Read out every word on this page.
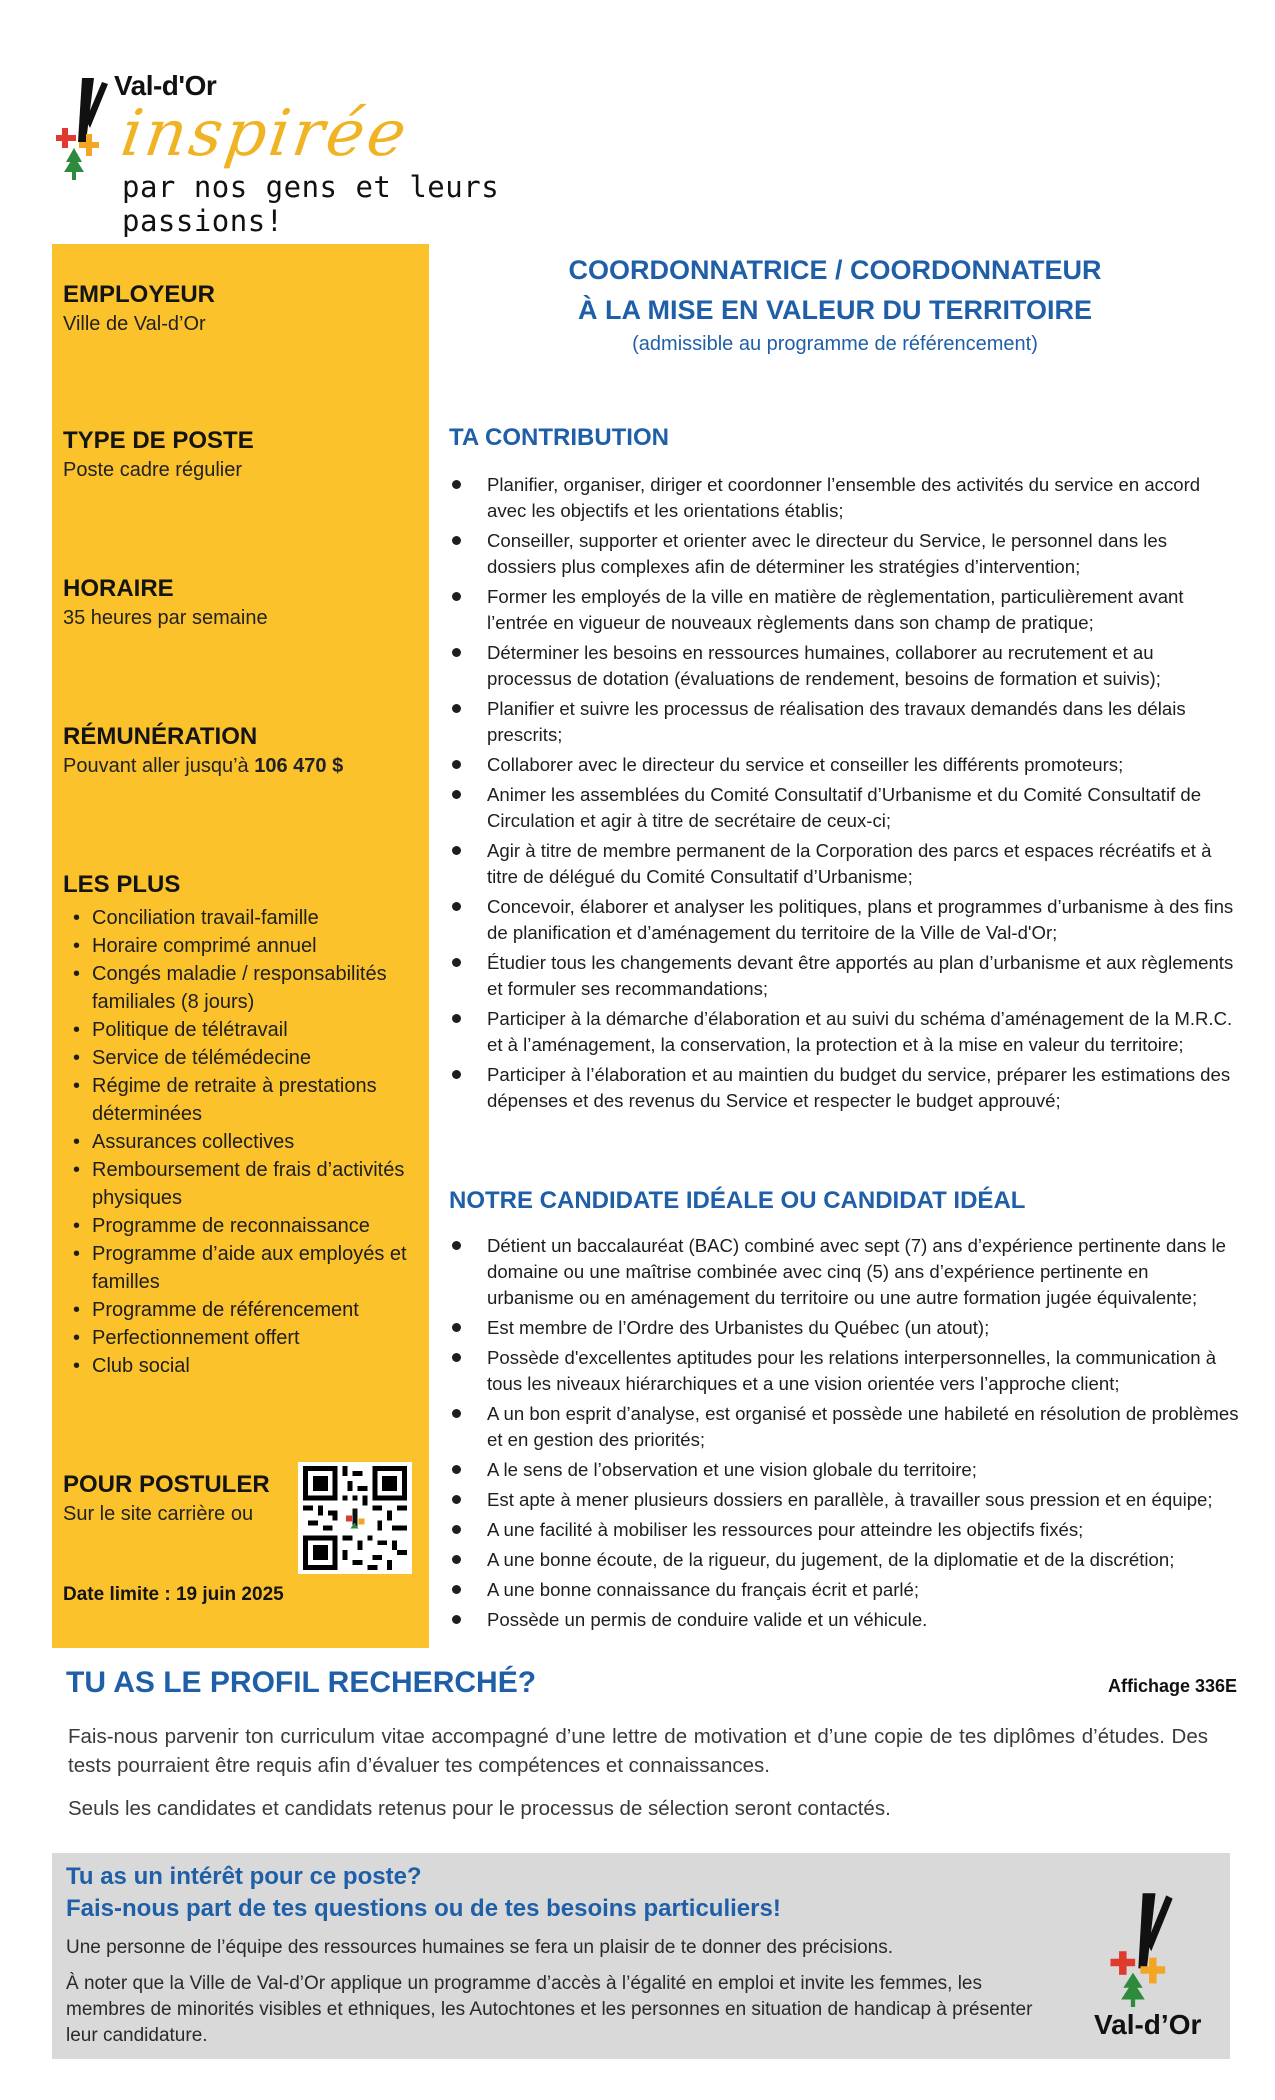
Val-d'Or
inspirée
par nos gens et leurs passions!
EMPLOYEUR
Ville de Val-d’Or
TYPE DE POSTE
Poste cadre régulier
HORAIRE
35 heures par semaine
RÉMUNÉRATION
Pouvant aller jusqu’à 106 470 $
LES PLUS
• Conciliation travail-famille
• Horaire comprimé annuel
• Congés maladie / responsabilités familiales (8 jours)
• Politique de télétravail
• Service de télémédecine
• Régime de retraite à prestations déterminées
• Assurances collectives
• Remboursement de frais d’activités physiques
• Programme de reconnaissance
• Programme d’aide aux employés et familles
• Programme de référencement
• Perfectionnement offert
• Club social
POUR POSTULER
Sur le site carrière ou
Date limite : 19 juin 2025
COORDONNATRICE / COORDONNATEUR
À LA MISE EN VALEUR DU TERRITOIRE
(admissible au programme de référencement)
TA CONTRIBUTION
Planifier, organiser, diriger et coordonner l’ensemble des activités du service en accord avec les objectifs et les orientations établis;
Conseiller, supporter et orienter avec le directeur du Service, le personnel dans les dossiers plus complexes afin de déterminer les stratégies d’intervention;
Former les employés de la ville en matière de règlementation, particulièrement avant l’entrée en vigueur de nouveaux règlements dans son champ de pratique;
Déterminer les besoins en ressources humaines, collaborer au recrutement et au processus de dotation (évaluations de rendement, besoins de formation et suivis);
Planifier et suivre les processus de réalisation des travaux demandés dans les délais prescrits;
Collaborer avec le directeur du service et conseiller les différents promoteurs;
Animer les assemblées du Comité Consultatif d’Urbanisme et du Comité Consultatif de Circulation et agir à titre de secrétaire de ceux-ci;
Agir à titre de membre permanent de la Corporation des parcs et espaces récréatifs et à titre de délégué du Comité Consultatif d’Urbanisme;
Concevoir, élaborer et analyser les politiques, plans et programmes d’urbanisme à des fins de planification et d’aménagement du territoire de la Ville de Val-d'Or;
Étudier tous les changements devant être apportés au plan d’urbanisme et aux règlements et formuler ses recommandations;
Participer à la démarche d’élaboration et au suivi du schéma d’aménagement de la M.R.C. et à l’aménagement, la conservation, la protection et à la mise en valeur du territoire;
Participer à l’élaboration et au maintien du budget du service, préparer les estimations des dépenses et des revenus du Service et respecter le budget approuvé;
NOTRE CANDIDATE IDÉALE OU CANDIDAT IDÉAL
Détient un baccalauréat (BAC) combiné avec sept (7) ans d’expérience pertinente dans le domaine ou une maîtrise combinée avec cinq (5) ans d’expérience pertinente en urbanisme ou en aménagement du territoire ou une autre formation jugée équivalente;
Est membre de l’Ordre des Urbanistes du Québec (un atout);
Possède d'excellentes aptitudes pour les relations interpersonnelles, la communication à tous les niveaux hiérarchiques et a une vision orientée vers l’approche client;
A un bon esprit d’analyse, est organisé et possède une habileté en résolution de problèmes et en gestion des priorités;
A le sens de l’observation et une vision globale du territoire;
Est apte à mener plusieurs dossiers en parallèle, à travailler sous pression et en équipe;
A une facilité à mobiliser les ressources pour atteindre les objectifs fixés;
A une bonne écoute, de la rigueur, du jugement, de la diplomatie et de la discrétion;
A une bonne connaissance du français écrit et parlé;
Possède un permis de conduire valide et un véhicule.
TU AS LE PROFIL RECHERCHÉ?	Affichage 336E
Fais-nous parvenir ton curriculum vitae accompagné d’une lettre de motivation et d’une copie de tes diplômes d’études. Des tests pourraient être requis afin d’évaluer tes compétences et connaissances.
Seuls les candidates et candidats retenus pour le processus de sélection seront contactés.
Tu as un intérêt pour ce poste?
Fais-nous part de tes questions ou de tes besoins particuliers!
Une personne de l’équipe des ressources humaines se fera un plaisir de te donner des précisions.
À noter que la Ville de Val-d’Or applique un programme d’accès à l’égalité en emploi et invite les femmes, les membres de minorités visibles et ethniques, les Autochtones et les personnes en situation de handicap à présenter leur candidature.	Val-d’Or
